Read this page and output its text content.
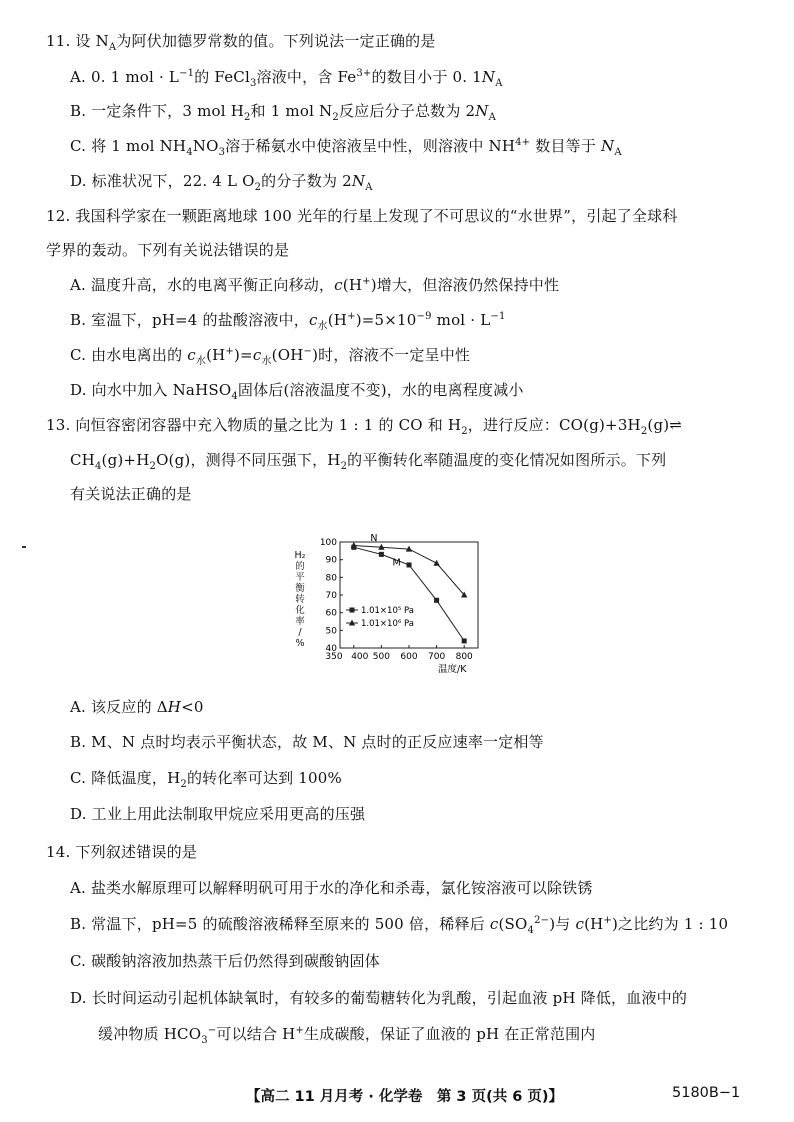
11. 设 $N_A$为阿伏加德罗常数的值。下列说法一定正确的是
A. 0. 1 mol · $L^{-1}$的 FeCl$_3$溶液中，含 $Fe^{3+}$的数目小于 0. $1N_A$
B. 一定条件下，3 mol $H_2$和 1 mol $N_2$反应后分子总数为 $2N_A$
C. 将 1 mol $NH_4NO_3$溶于稀氨水中使溶液呈中性，则溶液中 $NH^{4+}$ 数目等于 $N_A$
D. 标准状况下，22. 4 L $O_2$的分子数为 $2N_A$
12. 我国科学家在一颗距离地球 100 光年的行星上发现了不可思议的“水世界”，引起了全球科
学界的轰动。下列有关说法错误的是
A. 温度升高，水的电离平衡正向移动，c(H+)增大，但溶液仍然保持中性
B. 室温下，pH=4 的盐酸溶液中，$c_水(H^+)=5\times 10^{-9}$ mol · $L^{-1}$
C. 由水电离出的 $c_水(H^+)=c_水(OH^-)$时，溶液不一定呈中性
D. 向水中加入 NaHSO$_4$固体后(溶液温度不变)，水的电离程度减小
13. 向恒容密闭容器中充入物质的量之比为 1 : 1 的 CO 和 $H_2$，进行反应：$CO(g)+3H_2(g)\rightleftharpoons$
$CH_4(g)+H_2O(g)$，测得不同压强下，$H_2$的平衡转化率随温度的变化情况如图所示。下列
有关说法正确的是
H₂
的
平
衡
转
化
率
/
% 40
50
60
70
80
90
100
350 400 500 600 700 800
温度/K
1.01×10⁵ Pa
1.01×10⁶ Pa
N
M
A. 该反应的 ΔH<0
B. M、N 点时均表示平衡状态，故 M、N 点时的正反应速率一定相等
C. 降低温度，$H_2$的转化率可达到 100%
D. 工业上用此法制取甲烷应采用更高的压强
14. 下列叙述错误的是
A. 盐类水解原理可以解释明矾可用于水的净化和杀毒，氯化铵溶液可以除铁锈
B. 常温下，pH=5 的硫酸溶液稀释至原来的 500 倍，稀释后 $c(SO_4^{2-})$与 c(H+)之比约为 1 : 10
C. 碳酸钠溶液加热蒸干后仍然得到碳酸钠固体
D. 长时间运动引起机体缺氧时，有较多的葡萄糖转化为乳酸，引起血液 pH 降低，血液中的
缓冲物质 $HCO_3^-$可以结合 H+生成碳酸，保证了血液的 pH 在正常范围内
【高二 11 月月考 · 化学卷　第 3 页(共 6 页)】	5180B−1
